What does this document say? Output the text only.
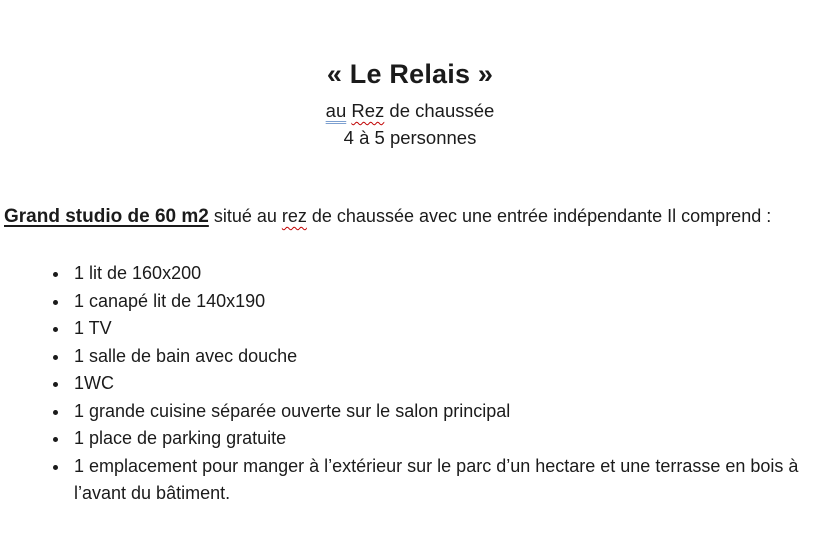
« Le Relais »

au Rez de chaussée

4 à 5 personnes

Grand studio de 60 m2 situé au rez de chaussée avec une entrée indépendante Il comprend :

• 1 lit de 160x200
• 1 canapé lit de 140x190
• 1 TV
• 1 salle de bain avec douche
• 1WC
• 1 grande cuisine séparée ouverte sur le salon principal
• 1 place de parking gratuite
• 1 emplacement pour manger à l’extérieur sur le parc d’un hectare et une terrasse en bois à l’avant du bâtiment.
